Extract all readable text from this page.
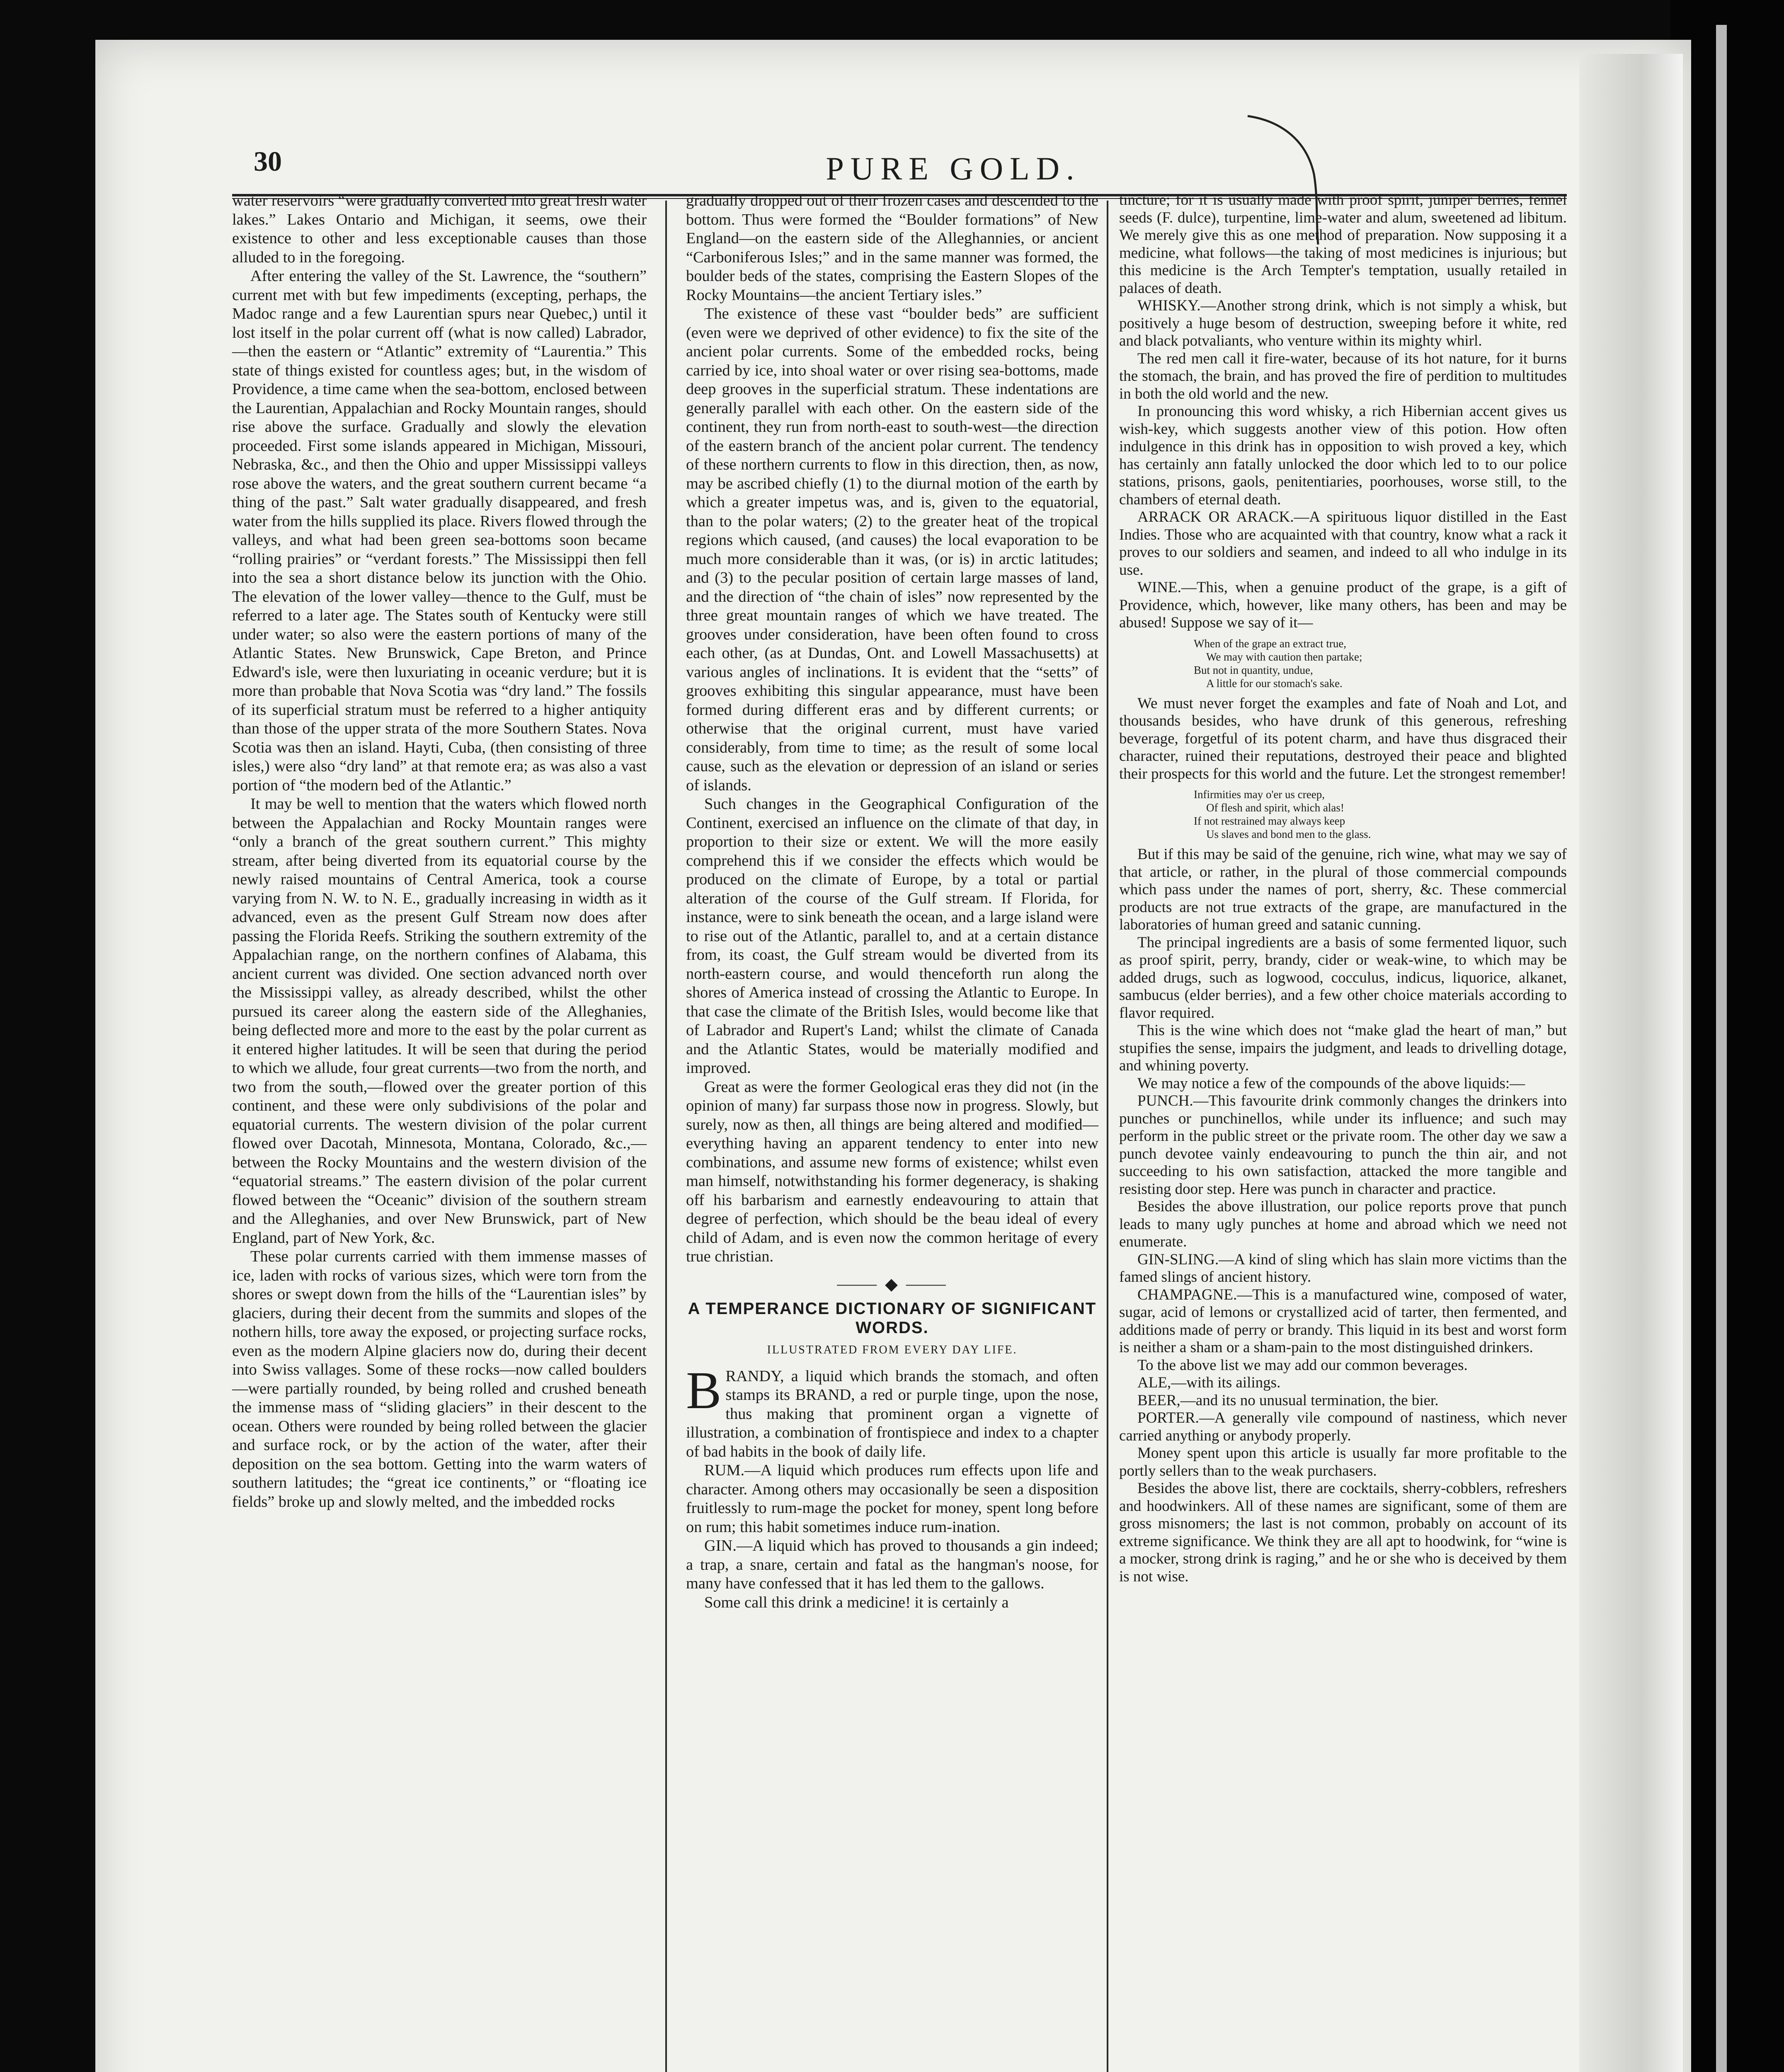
30	PURE GOLD.

water reservoirs “were gradually converted into great fresh water lakes.” Lakes Ontario and Michigan, it seems, owe their existence to other and less exceptionable causes than those alluded to in the foregoing.

After entering the valley of the St. Lawrence, the “southern” current met with but few impediments (excepting, perhaps, the Madoc range and a few Laurentian spurs near Quebec,) until it lost itself in the polar current off (what is now called) Labrador,—then the eastern or “Atlantic” extremity of “Laurentia.” This state of things existed for countless ages; but, in the wisdom of Providence, a time came when the sea-bottom, enclosed between the Laurentian, Appalachian and Rocky Mountain ranges, should rise above the surface. Gradually and slowly the elevation proceeded. First some islands appeared in Michigan, Missouri, Nebraska, &c., and then the Ohio and upper Mississippi valleys rose above the waters, and the great southern current became “a thing of the past.” Salt water gradually disappeared, and fresh water from the hills supplied its place. Rivers flowed through the valleys, and what had been green sea-bottoms soon became “rolling prairies” or “verdant forests.” The Mississippi then fell into the sea a short distance below its junction with the Ohio. The elevation of the lower valley—thence to the Gulf, must be referred to a later age. The States south of Kentucky were still under water; so also were the eastern portions of many of the Atlantic States. New Brunswick, Cape Breton, and Prince Edward's isle, were then luxuriating in oceanic verdure; but it is more than probable that Nova Scotia was “dry land.” The fossils of its superficial stratum must be referred to a higher antiquity than those of the upper strata of the more Southern States. Nova Scotia was then an island. Hayti, Cuba, (then consisting of three isles,) were also “dry land” at that remote era; as was also a vast portion of “the modern bed of the Atlantic.”

It may be well to mention that the waters which flowed north between the Appalachian and Rocky Mountain ranges were “only a branch of the great southern current.” This mighty stream, after being diverted from its equatorial course by the newly raised mountains of Central America, took a course varying from N. W. to N. E., gradually increasing in width as it advanced, even as the present Gulf Stream now does after passing the Florida Reefs. Striking the southern extremity of the Appalachian range, on the northern confines of Alabama, this ancient current was divided. One section advanced north over the Mississippi valley, as already described, whilst the other pursued its career along the eastern side of the Alleghanies, being deflected more and more to the east by the polar current as it entered higher latitudes. It will be seen that during the period to which we allude, four great currents—two from the north, and two from the south,—flowed over the greater portion of this continent, and these were only subdivisions of the polar and equatorial currents. The western division of the polar current flowed over Dacotah, Minnesota, Montana, Colorado, &c.,—between the Rocky Mountains and the western division of the “equatorial streams.” The eastern division of the polar current flowed between the “Oceanic” division of the southern stream and the Alleghanies, and over New Brunswick, part of New England, part of New York, &c.

These polar currents carried with them immense masses of ice, laden with rocks of various sizes, which were torn from the shores or swept down from the hills of the “Laurentian isles” by glaciers, during their decent from the summits and slopes of the nothern hills, tore away the exposed, or projecting surface rocks, even as the modern Alpine glaciers now do, during their decent into Swiss vallages. Some of these rocks—now called boulders—were partially rounded, by being rolled and crushed beneath the immense mass of “sliding glaciers” in their descent to the ocean. Others were rounded by being rolled between the glacier and surface rock, or by the action of the water, after their deposition on the sea bottom. Getting into the warm waters of southern latitudes; the “great ice continents,” or “floating ice fields” broke up and slowly melted, and the imbedded rocks

gradually dropped out of their frozen cases and descended to the bottom. Thus were formed the “Boulder formations” of New England—on the eastern side of the Alleghannies, or ancient “Carboniferous Isles;” and in the same manner was formed, the boulder beds of the states, comprising the Eastern Slopes of the Rocky Mountains—the ancient Tertiary isles.”

The existence of these vast “boulder beds” are sufficient (even were we deprived of other evidence) to fix the site of the ancient polar currents. Some of the embedded rocks, being carried by ice, into shoal water or over rising sea-bottoms, made deep grooves in the superficial stratum. These indentations are generally parallel with each other. On the eastern side of the continent, they run from north-east to south-west—the direction of the eastern branch of the ancient polar current. The tendency of these northern currents to flow in this direction, then, as now, may be ascribed chiefly (1) to the diurnal motion of the earth by which a greater impetus was, and is, given to the equatorial, than to the polar waters; (2) to the greater heat of the tropical regions which caused, (and causes) the local evaporation to be much more considerable than it was, (or is) in arctic latitudes; and (3) to the pecular position of certain large masses of land, and the direction of “the chain of isles” now represented by the three great mountain ranges of which we have treated. The grooves under consideration, have been often found to cross each other, (as at Dundas, Ont. and Lowell Massachusetts) at various angles of inclinations. It is evident that the “setts” of grooves exhibiting this singular appearance, must have been formed during different eras and by different currents; or otherwise that the original current, must have varied considerably, from time to time; as the result of some local cause, such as the elevation or depression of an island or series of islands.

Such changes in the Geographical Configuration of the Continent, exercised an influence on the climate of that day, in proportion to their size or extent. We will the more easily comprehend this if we consider the effects which would be produced on the climate of Europe, by a total or partial alteration of the course of the Gulf stream. If Florida, for instance, were to sink beneath the ocean, and a large island were to rise out of the Atlantic, parallel to, and at a certain distance from, its coast, the Gulf stream would be diverted from its north-eastern course, and would thenceforth run along the shores of America instead of crossing the Atlantic to Europe. In that case the climate of the British Isles, would become like that of Labrador and Rupert's Land; whilst the climate of Canada and the Atlantic States, would be materially modified and improved.

Great as were the former Geological eras they did not (in the opinion of many) far surpass those now in progress. Slowly, but surely, now as then, all things are being altered and modified—everything having an apparent tendency to enter into new combinations, and assume new forms of existence; whilst even man himself, notwithstanding his former degeneracy, is shaking off his barbarism and earnestly endeavouring to attain that degree of perfection, which should be the beau ideal of every child of Adam, and is even now the common heritage of every true christian.

⸻ ◆ ⸻
A TEMPERANCE DICTIONARY OF SIGNIFICANT WORDS.
ILLUSTRATED FROM EVERY DAY LIFE.

B RANDY, a liquid which brands the stomach, and often stamps its BRAND, a red or purple tinge, upon the nose, thus making that prominent organ a vignette of illustration, a combination of frontispiece and index to a chapter of bad habits in the book of daily life.

RUM.—A liquid which produces rum effects upon life and character. Among others may occasionally be seen a disposition fruitlessly to rum-mage the pocket for money, spent long before on rum; this habit sometimes induce rum-ination.

GIN.—A liquid which has proved to thousands a gin indeed; a trap, a snare, certain and fatal as the hangman's noose, for many have confessed that it has led them to the gallows.

Some call this drink a medicine! it is certainly a

tincture; for it is usually made with proof spirit, juniper berries, fennel seeds (F. dulce), turpentine, lime-water and alum, sweetened ad libitum. We merely give this as one method of preparation. Now supposing it a medicine, what follows—the taking of most medicines is injurious; but this medicine is the Arch Tempter's temptation, usually retailed in palaces of death.

WHISKY.—Another strong drink, which is not simply a whisk, but positively a huge besom of destruction, sweeping before it white, red and black potvaliants, who venture within its mighty whirl.

The red men call it fire-water, because of its hot nature, for it burns the stomach, the brain, and has proved the fire of perdition to multitudes in both the old world and the new.

In pronouncing this word whisky, a rich Hibernian accent gives us wish-key, which suggests another view of this potion. How often indulgence in this drink has in opposition to wish proved a key, which has certainly ann fatally unlocked the door which led to to our police stations, prisons, gaols, penitentiaries, poorhouses, worse still, to the chambers of eternal death.

ARRACK OR ARACK.—A spirituous liquor distilled in the East Indies. Those who are acquainted with that country, know what a rack it proves to our soldiers and seamen, and indeed to all who indulge in its use.

WINE.—This, when a genuine product of the grape, is a gift of Providence, which, however, like many others, has been and may be abused! Suppose we say of it—

When of the grape an extract true,
We may with caution then partake;
But not in quantity, undue,
A little for our stomach's sake.

We must never forget the examples and fate of Noah and Lot, and thousands besides, who have drunk of this generous, refreshing beverage, forgetful of its potent charm, and have thus disgraced their character, ruined their reputations, destroyed their peace and blighted their prospects for this world and the future. Let the strongest remember!

Infirmities may o'er us creep,
Of flesh and spirit, which alas!
If not restrained may always keep
Us slaves and bond men to the glass.

But if this may be said of the genuine, rich wine, what may we say of that article, or rather, in the plural of those commercial compounds which pass under the names of port, sherry, &c. These commercial products are not true extracts of the grape, are manufactured in the laboratories of human greed and satanic cunning.

The principal ingredients are a basis of some fermented liquor, such as proof spirit, perry, brandy, cider or weak-wine, to which may be added drugs, such as logwood, cocculus, indicus, liquorice, alkanet, sambucus (elder berries), and a few other choice materials according to flavor required.

This is the wine which does not “make glad the heart of man,” but stupifies the sense, impairs the judgment, and leads to drivelling dotage, and whining poverty.

We may notice a few of the compounds of the above liquids:—

PUNCH.—This favourite drink commonly changes the drinkers into punches or punchinellos, while under its influence; and such may perform in the public street or the private room. The other day we saw a punch devotee vainly endeavouring to punch the thin air, and not succeeding to his own satisfaction, attacked the more tangible and resisting door step. Here was punch in character and practice.

Besides the above illustration, our police reports prove that punch leads to many ugly punches at home and abroad which we need not enumerate.

GIN-SLING.—A kind of sling which has slain more victims than the famed slings of ancient history.

CHAMPAGNE.—This is a manufactured wine, composed of water, sugar, acid of lemons or crystallized acid of tarter, then fermented, and additions made of perry or brandy. This liquid in its best and worst form is neither a sham or a sham-pain to the most distinguished drinkers.

To the above list we may add our common beverages.

ALE,—with its ailings.

BEER,—and its no unusual termination, the bier.

PORTER.—A generally vile compound of nastiness, which never carried anything or anybody properly.

Money spent upon this article is usually far more profitable to the portly sellers than to the weak purchasers.

Besides the above list, there are cocktails, sherry-cobblers, refreshers and hoodwinkers. All of these names are significant, some of them are gross misnomers; the last is not common, probably on account of its extreme significance. We think they are all apt to hoodwink, for “wine is a mocker, strong drink is raging,” and he or she who is deceived by them is not wise.
